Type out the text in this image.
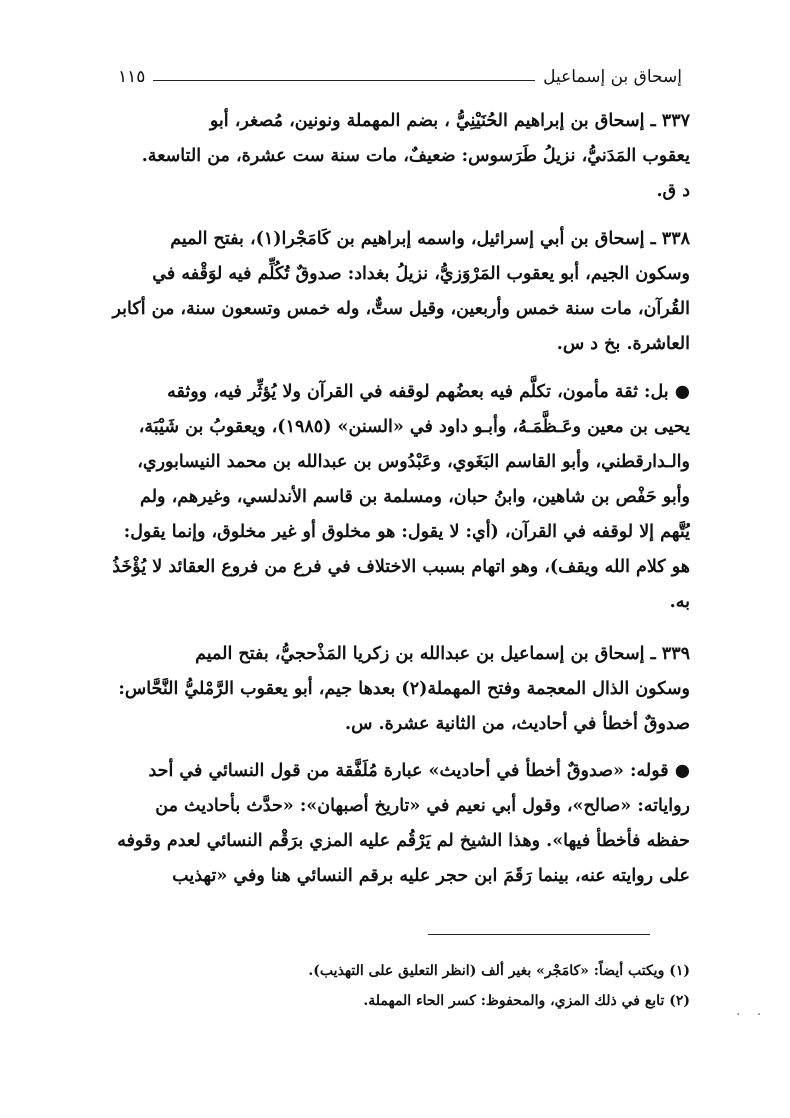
إسحاق بن إسماعيل
١١٥
٣٣٧ ـ إسحاق بن إبراهيم الحُنَيْنِيُّ ، بضم المهملة ونونين، مُصغر، أبو
يعقوب المَدَنيُّ، نزيلُ طَرَسوس: ضعيفٌ، مات سنة ست عشرة، من التاسعة.
د ق.
٣٣٨ ـ إسحاق بن أبي إسرائيل، واسمه إبراهيم بن كَامَجْرا(١)، بفتح الميم
وسكون الجيم، أبو يعقوب المَرْوَزيُّ، نزيلُ بغداد: صدوقٌ تُكُلِّم فيه لوَقْفه في
القُرآن، مات سنة خمس وأربعين، وقيل ستٌّ، وله خمس وتسعون سنة، من أكابر
العاشرة. بخ د س.
● بل: ثقة مأمون، تكلَّم فيه بعضُهم لوقفه في القرآن ولا يُؤثِّر فيه، ووثقه
يحيى بن معين وعَـظَّمَـهُ، وأبـو داود في «السنن» (١٩٨٥)، ويعقوبُ بن شَيْبَة،
والـدارقطني، وأبو القاسم البَغَوي، وعَبْدُوس بن عبدالله بن محمد النيسابوري،
وأبو حَفْص بن شاهين، وابنُ حبان، ومسلمة بن قاسم الأندلسي، وغيرهم، ولم
يُتَّهم إلا لوقفه في القرآن، (أي: لا يقول: هو مخلوق أو غير مخلوق، وإنما يقول:
هو كلام الله ويقف)، وهو اتهام بسبب الاختلاف في فرع من فروع العقائد لا يُؤْخَذُ
به.
٣٣٩ ـ إسحاق بن إسماعيل بن عبدالله بن زكريا المَذْحجيُّ، بفتح الميم
وسكون الذال المعجمة وفتح المهملة(٢) بعدها جيم، أبو يعقوب الرَّمْليُّ النَّحَّاس:
صدوقٌ أخطأ في أحاديث، من الثانية عشرة. س.
● قوله: «صدوقٌ أخطأ في أحاديث» عبارة مُلَفَّقة من قول النسائي في أحد
رواياته: «صالح»، وقول أبي نعيم في «تاريخ أصبهان»: «حدَّث بأحاديث من
حفظه فأخطأ فيها». وهذا الشيخ لم يَرْقُم عليه المزي برَقْم النسائي لعدم وقوفه
على روايته عنه، بينما رَقَمَ ابن حجر عليه برقم النسائي هنا وفي «تهذيب
(١) ويكتب أيضاً: «كامَجْر» بغير ألف (انظر التعليق على التهذيب).
(٢) تابع في ذلك المزي، والمحفوظ: كسر الحاء المهملة.
. .
